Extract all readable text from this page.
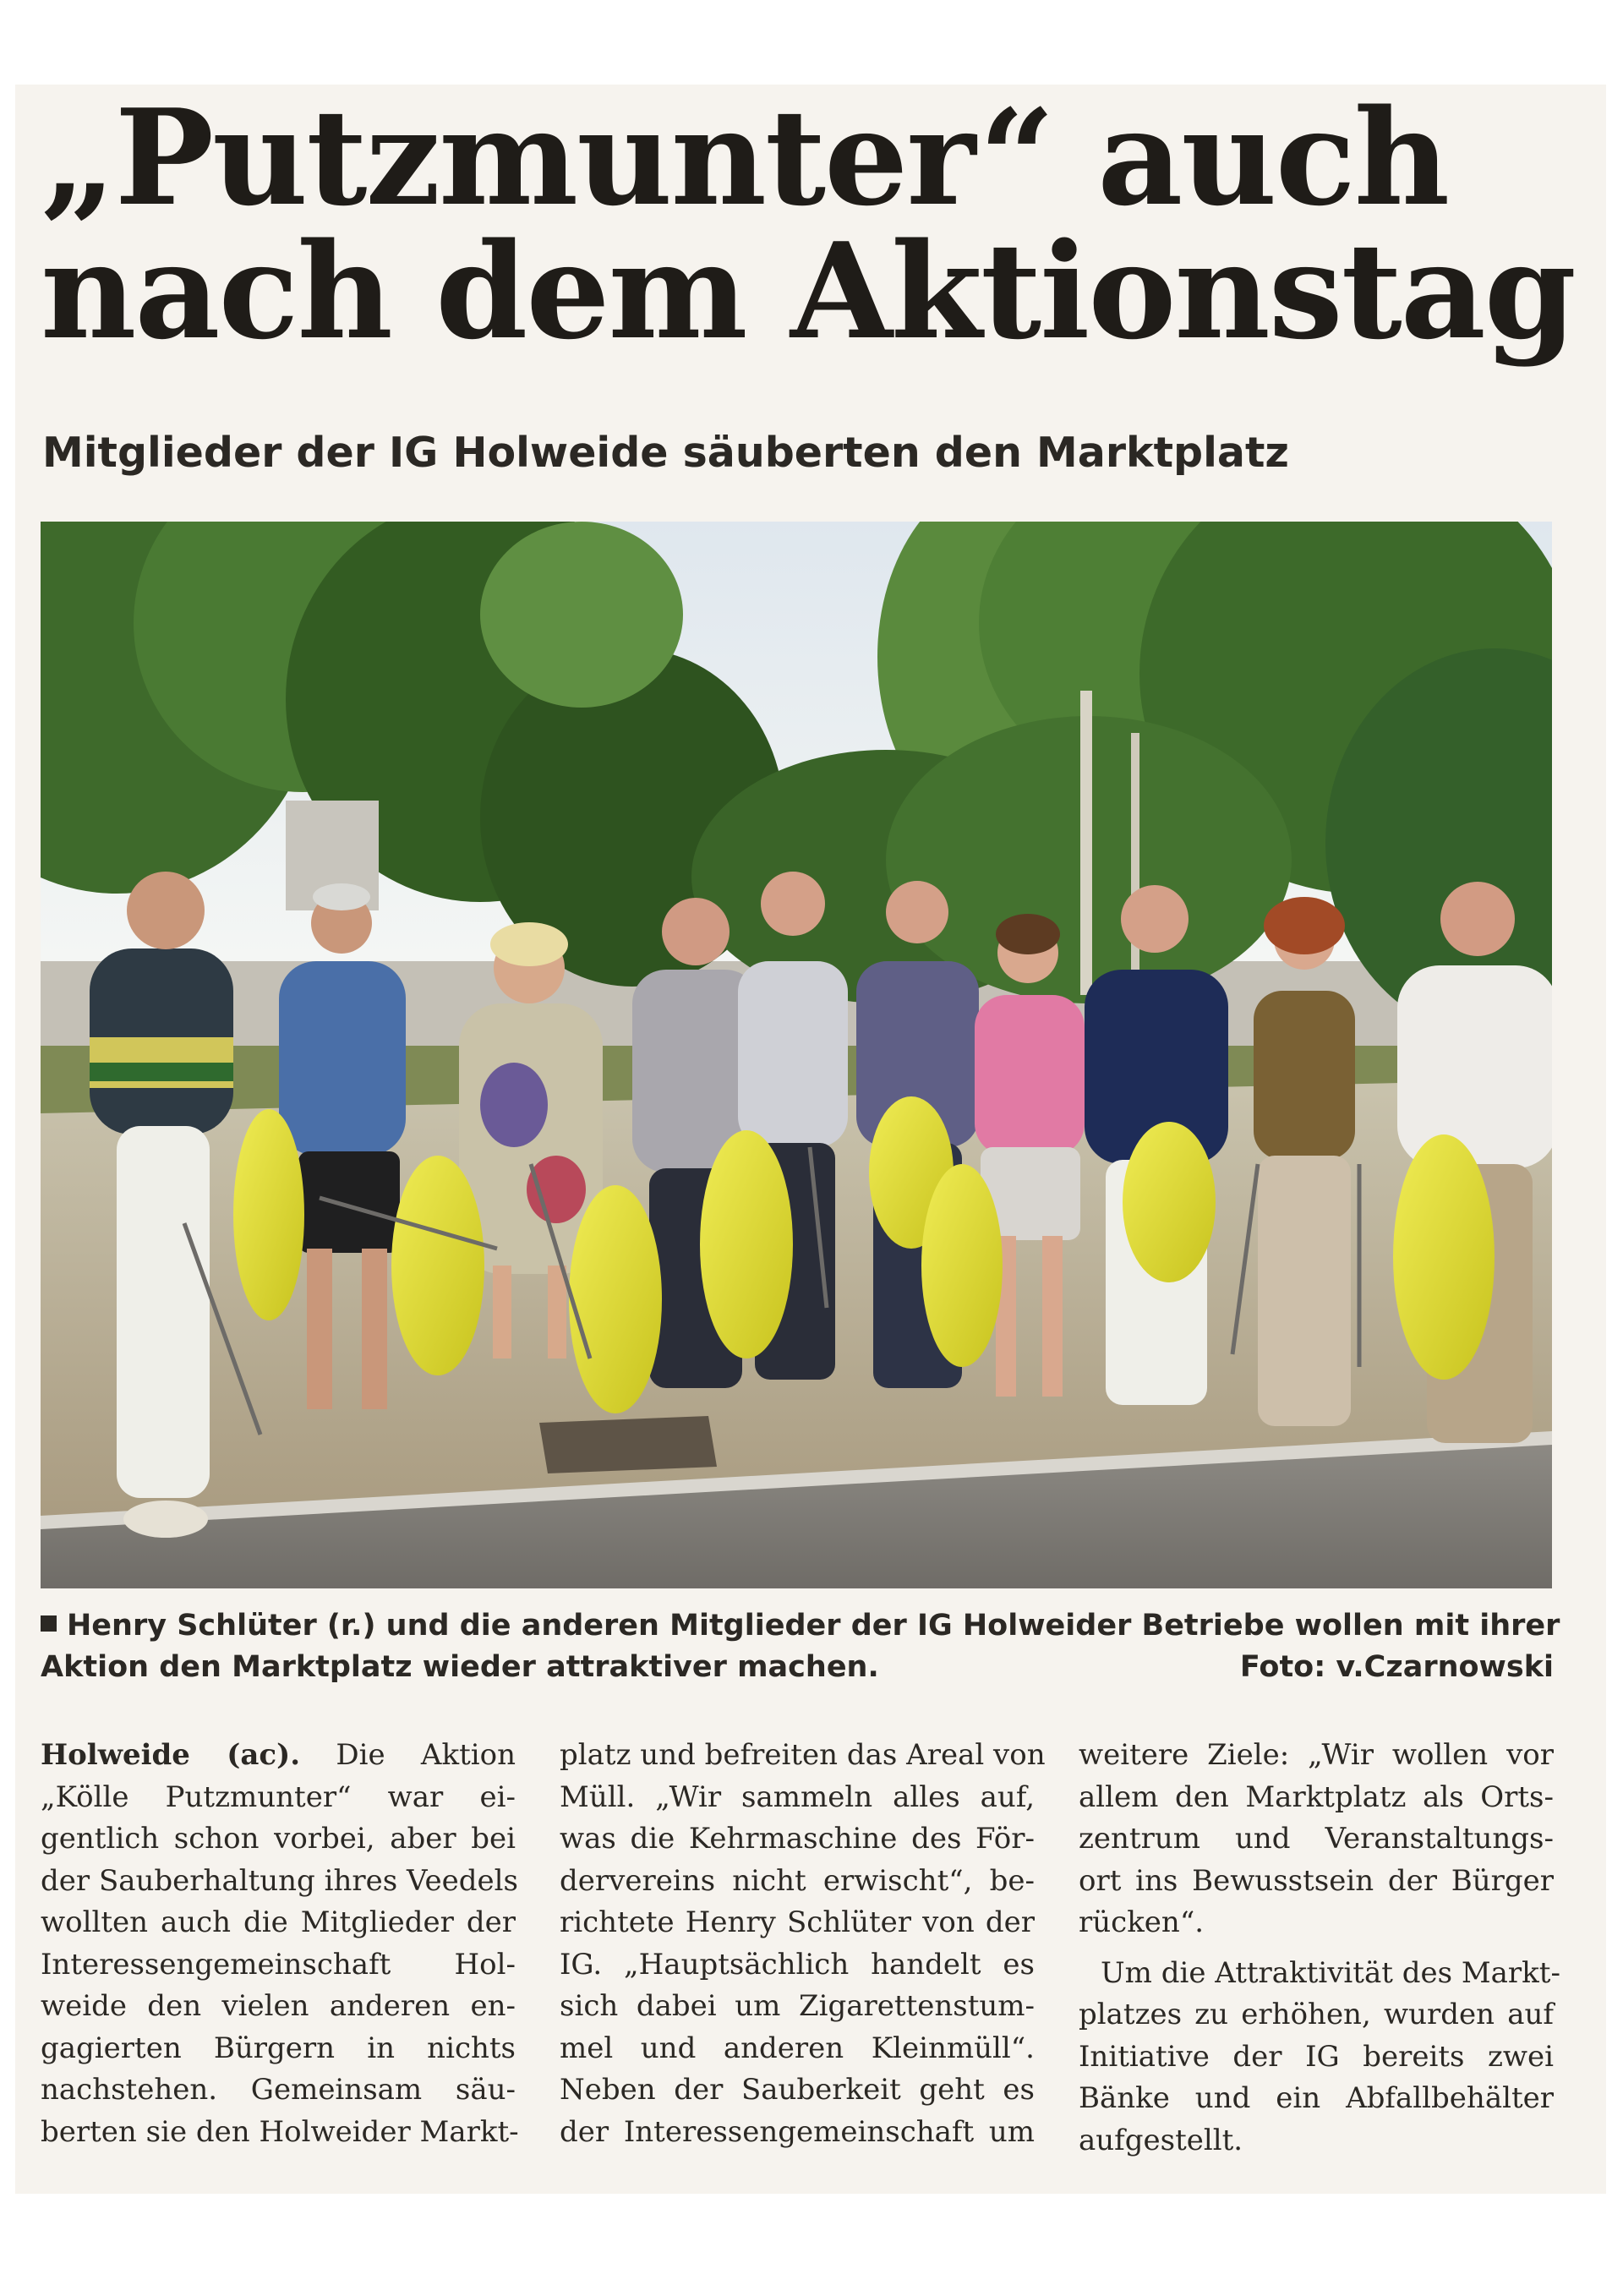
„Putzmunter“ auch
nach dem Aktionstag
Mitglieder der IG Holweide säuberten den Marktplatz
Henry Schlüter (r.) und die anderen Mitglieder der IG Holweider Betriebe wollen mit ihrer
Aktion den Marktplatz wieder attraktiver machen.	Foto: v.Czarnowski

Holweide (ac). Die Aktion
„Kölle Putzmunter“ war ei-
gentlich schon vorbei, aber bei
der Sauberhaltung ihres Veedels
wollten auch die Mitglieder der
Interessengemeinschaft Hol-
weide den vielen anderen en-
gagierten Bürgern in nichts
nachstehen. Gemeinsam säu-
berten sie den Holweider Markt-

platz und befreiten das Areal von
Müll. „Wir sammeln alles auf,
was die Kehrmaschine des För-
dervereins nicht erwischt“, be-
richtete Henry Schlüter von der
IG. „Hauptsächlich handelt es
sich dabei um Zigarettenstum-
mel und anderen Kleinmüll“.
Neben der Sauberkeit geht es
der Interessengemeinschaft um

weitere Ziele: „Wir wollen vor
allem den Marktplatz als Orts-
zentrum und Veranstaltungs-
ort ins Bewusstsein der Bürger
rücken“.

Um die Attraktivität des Markt-
platzes zu erhöhen, wurden auf
Initiative der IG bereits zwei
Bänke und ein Abfallbehälter
aufgestellt.
